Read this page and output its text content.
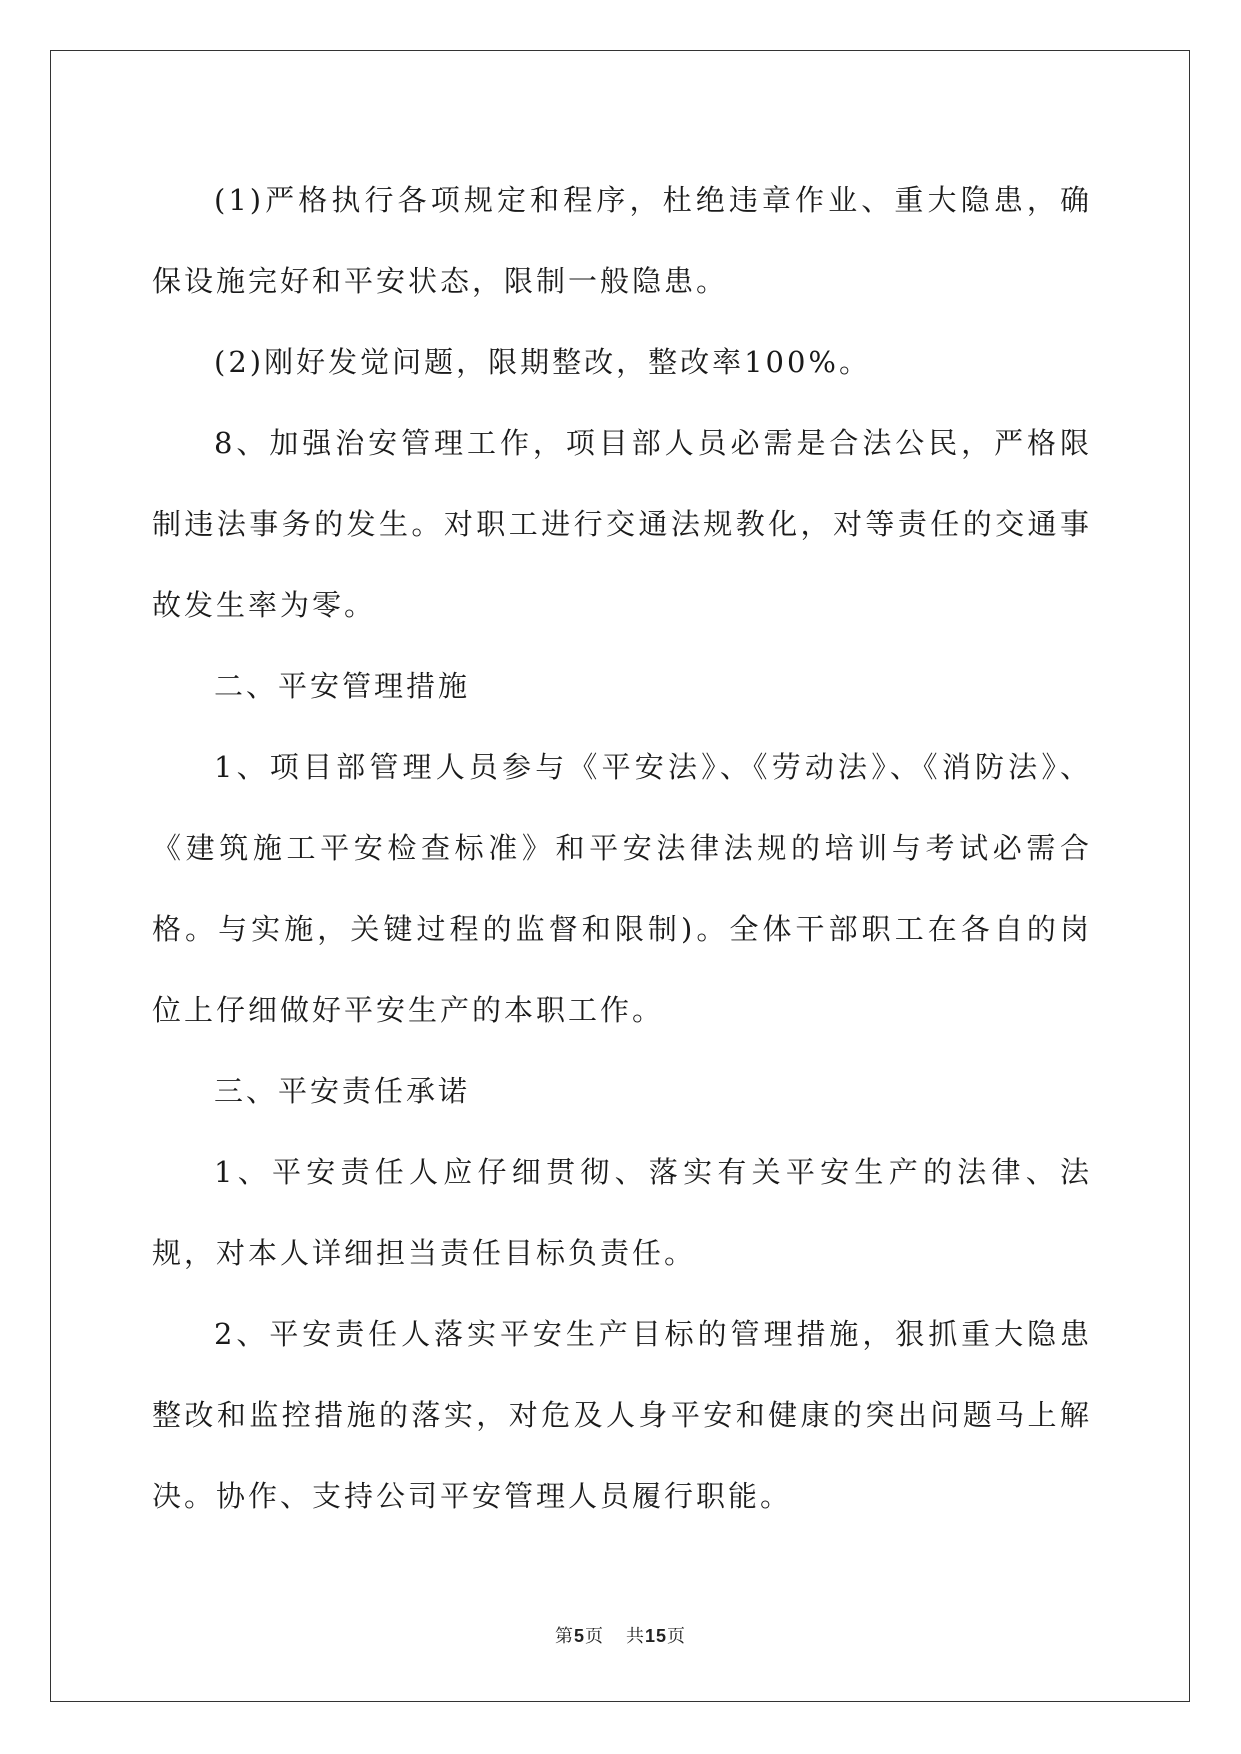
(1)严格执行各项规定和程序，杜绝违章作业、重大隐患，确保设施完好和平安状态，限制一般隐患。

(2)刚好发觉问题，限期整改，整改率100%。

8、加强治安管理工作，项目部人员必需是合法公民，严格限制违法事务的发生。对职工进行交通法规教化，对等责任的交通事故发生率为零。

二、平安管理措施

1、项目部管理人员参与《平安法》、《劳动法》、《消防法》、《建筑施工平安检查标准》和平安法律法规的培训与考试必需合格。与实施，关键过程的监督和限制)。全体干部职工在各自的岗位上仔细做好平安生产的本职工作。

三、平安责任承诺

1、平安责任人应仔细贯彻、落实有关平安生产的法律、法规，对本人详细担当责任目标负责任。

2、平安责任人落实平安生产目标的管理措施，狠抓重大隐患整改和监控措施的落实，对危及人身平安和健康的突出问题马上解决。协作、支持公司平安管理人员履行职能。

第5页 共15页
